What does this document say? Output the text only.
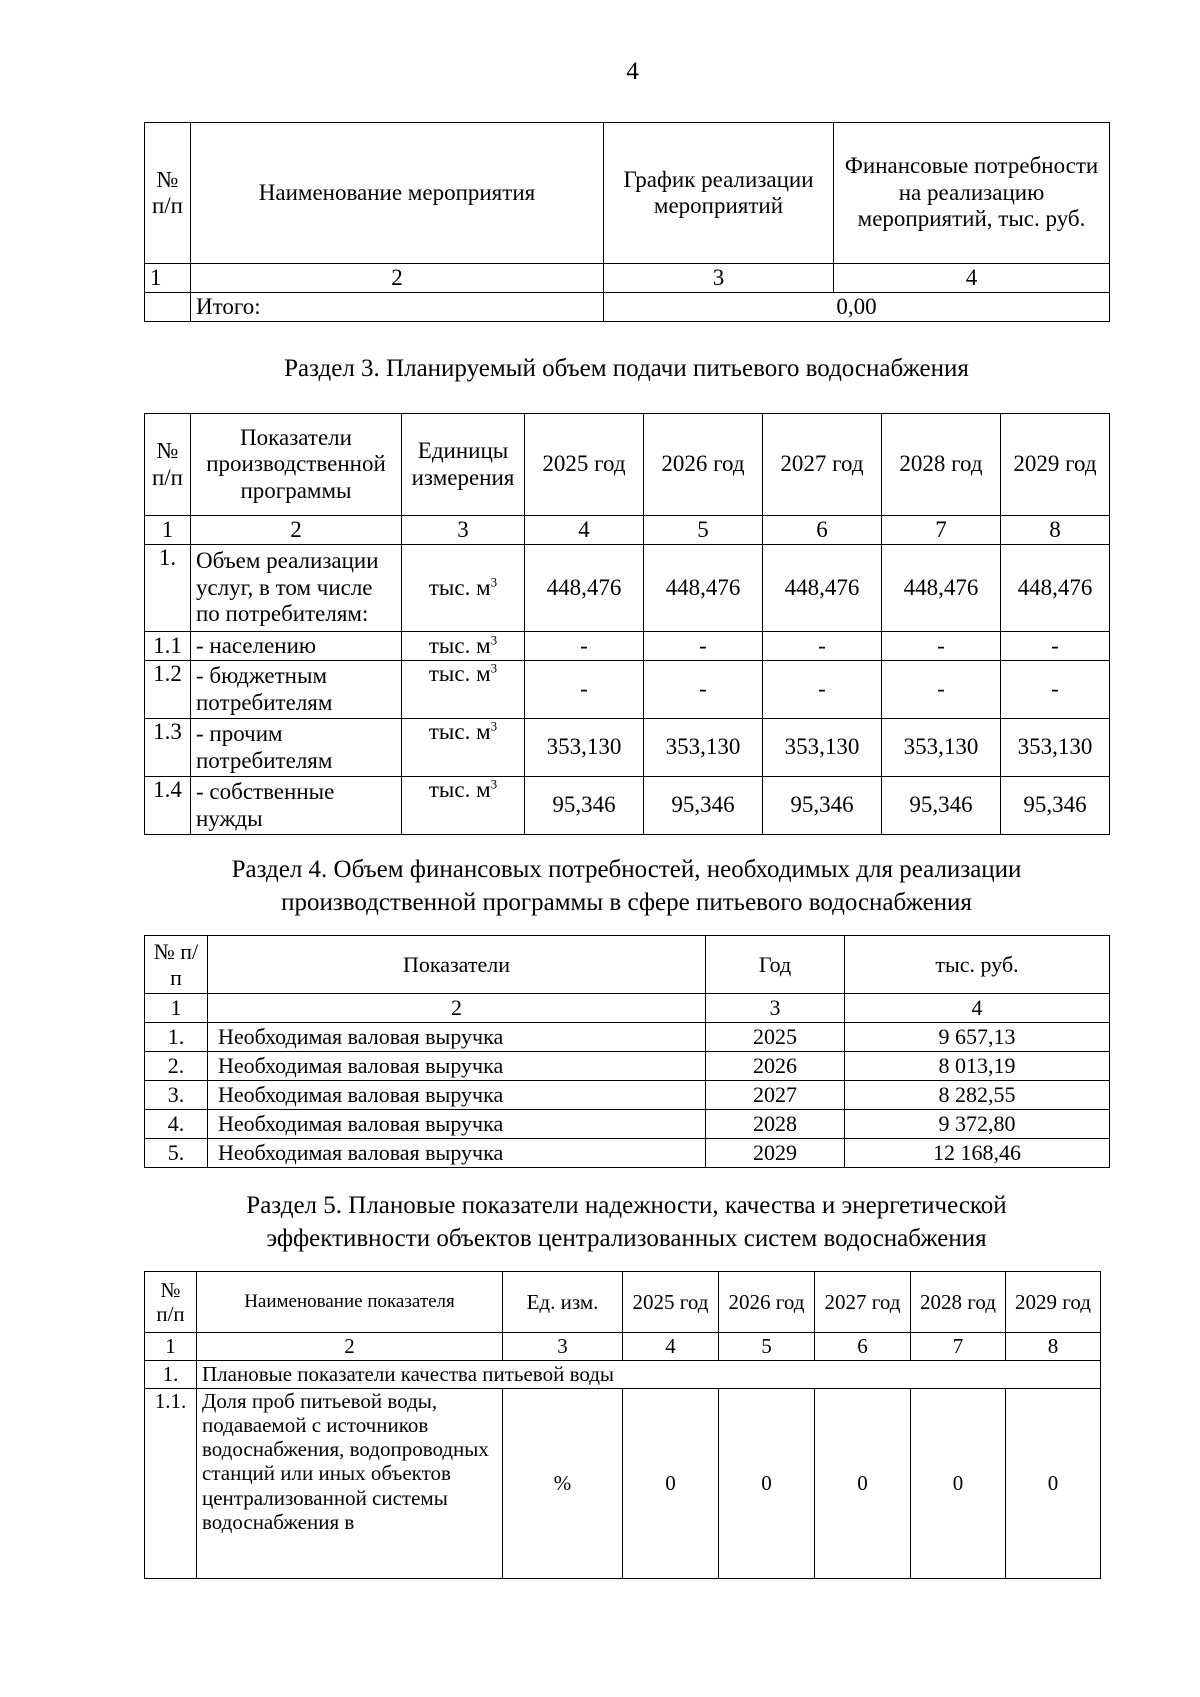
4
№ п/п	Наименование мероприятия	График реализации мероприятий	Финансовые потребности на реализацию мероприятий, тыс. руб.
1	2	3	4
	Итого:	0,00	
Раздел 3. Планируемый объем подачи питьевого водоснабжения
№ п/п	Показатели производственной программы	Единицы измерения	2025 год	2026 год	2027 год	2028 год	2029 год
1	2	3	4	5	6	7	8
1.	Объем реализации услуг, в том числе по потребителям:	тыс. $м^3$	448,476	448,476	448,476	448,476	448,476
1.1	- населению	тыс. $м^3$	-	-	-	-	-
1.2	- бюджетным потребителям	тыс. $м^3$	-	-	-	-	-
1.3	- прочим потребителям	тыс. $м^3$	353,130	353,130	353,130	353,130	353,130
1.4	- собственные нужды	тыс. $м^3$	95,346	95,346	95,346	95,346	95,346
Раздел 4. Объем финансовых потребностей, необходимых для реализации
производственной программы в сфере питьевого водоснабжения
№ п/п	Показатели	Год	тыс. руб.
1	2	3	4
1.	Необходимая валовая выручка	2025	9 657,13
2.	Необходимая валовая выручка	2026	8 013,19
3.	Необходимая валовая выручка	2027	8 282,55
4.	Необходимая валовая выручка	2028	9 372,80
5.	Необходимая валовая выручка	2029	12 168,46
Раздел 5. Плановые показатели надежности, качества и энергетической
эффективности объектов централизованных систем водоснабжения
№ п/п	Наименование показателя	Ед. изм.	2025 год	2026 год	2027 год	2028 год	2029 год
1	2	3	4	5	6	7	8
1.	Плановые показатели качества питьевой воды						
1.1.	Доля проб питьевой воды, подаваемой с источников водоснабжения, водопроводных станций или иных объектов централизованной системы водоснабжения в	%	0	0	0	0	0
